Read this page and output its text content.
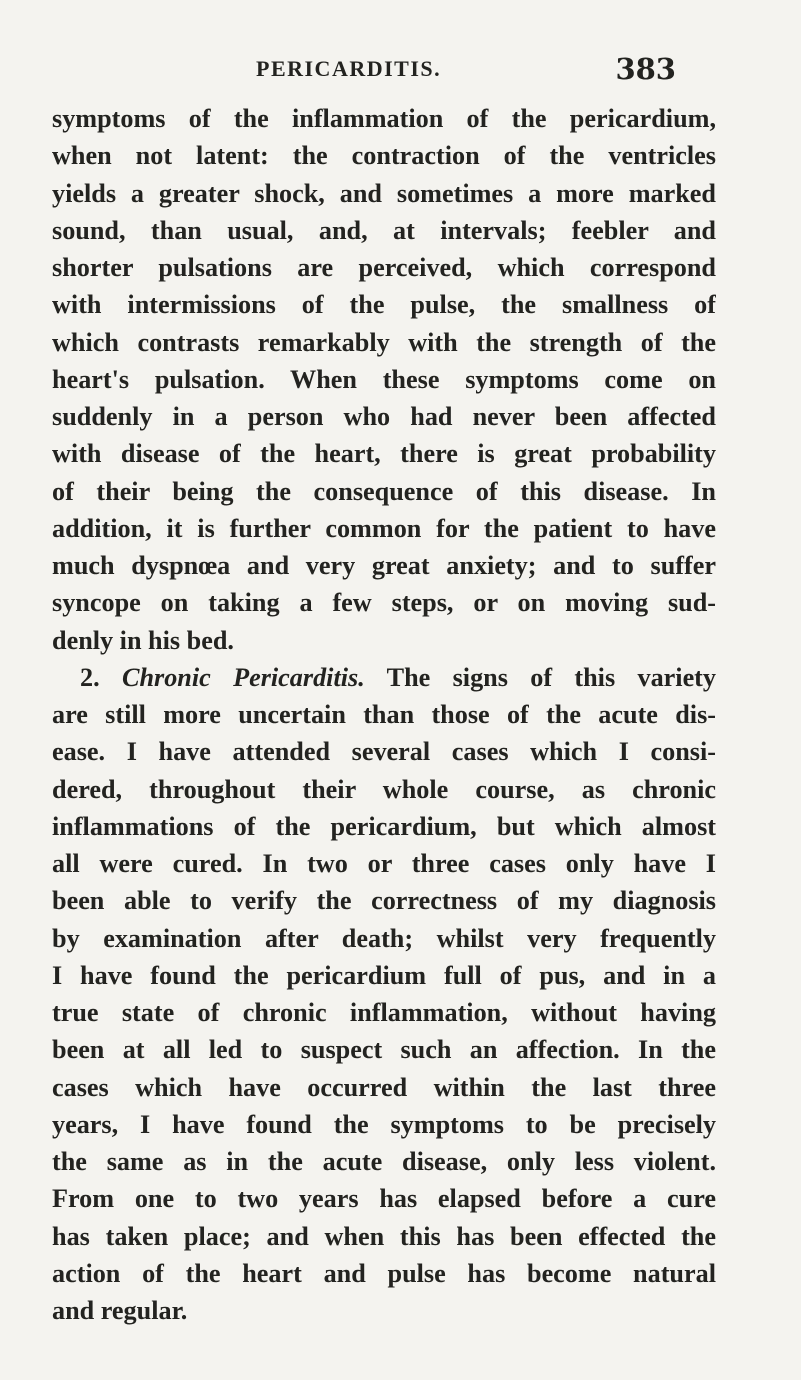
PERICARDITIS.	383
symptoms of the inflammation of the pericardium,
when not latent: the contraction of the ventricles
yields a greater shock, and sometimes a more marked
sound, than usual, and, at intervals; feebler and
shorter pulsations are perceived, which correspond
with intermissions of the pulse, the smallness of
which contrasts remarkably with the strength of the
heart's pulsation. When these symptoms come on
suddenly in a person who had never been affected
with disease of the heart, there is great probability
of their being the consequence of this disease. In
addition, it is further common for the patient to have
much dyspnœa and very great anxiety; and to suffer
syncope on taking a few steps, or on moving sud-
denly in his bed.
2. Chronic Pericarditis. The signs of this variety
are still more uncertain than those of the acute dis-
ease. I have attended several cases which I consi-
dered, throughout their whole course, as chronic
inflammations of the pericardium, but which almost
all were cured. In two or three cases only have I
been able to verify the correctness of my diagnosis
by examination after death; whilst very frequently
I have found the pericardium full of pus, and in a
true state of chronic inflammation, without having
been at all led to suspect such an affection. In the
cases which have occurred within the last three
years, I have found the symptoms to be precisely
the same as in the acute disease, only less violent.
From one to two years has elapsed before a cure
has taken place; and when this has been effected the
action of the heart and pulse has become natural
and regular.
